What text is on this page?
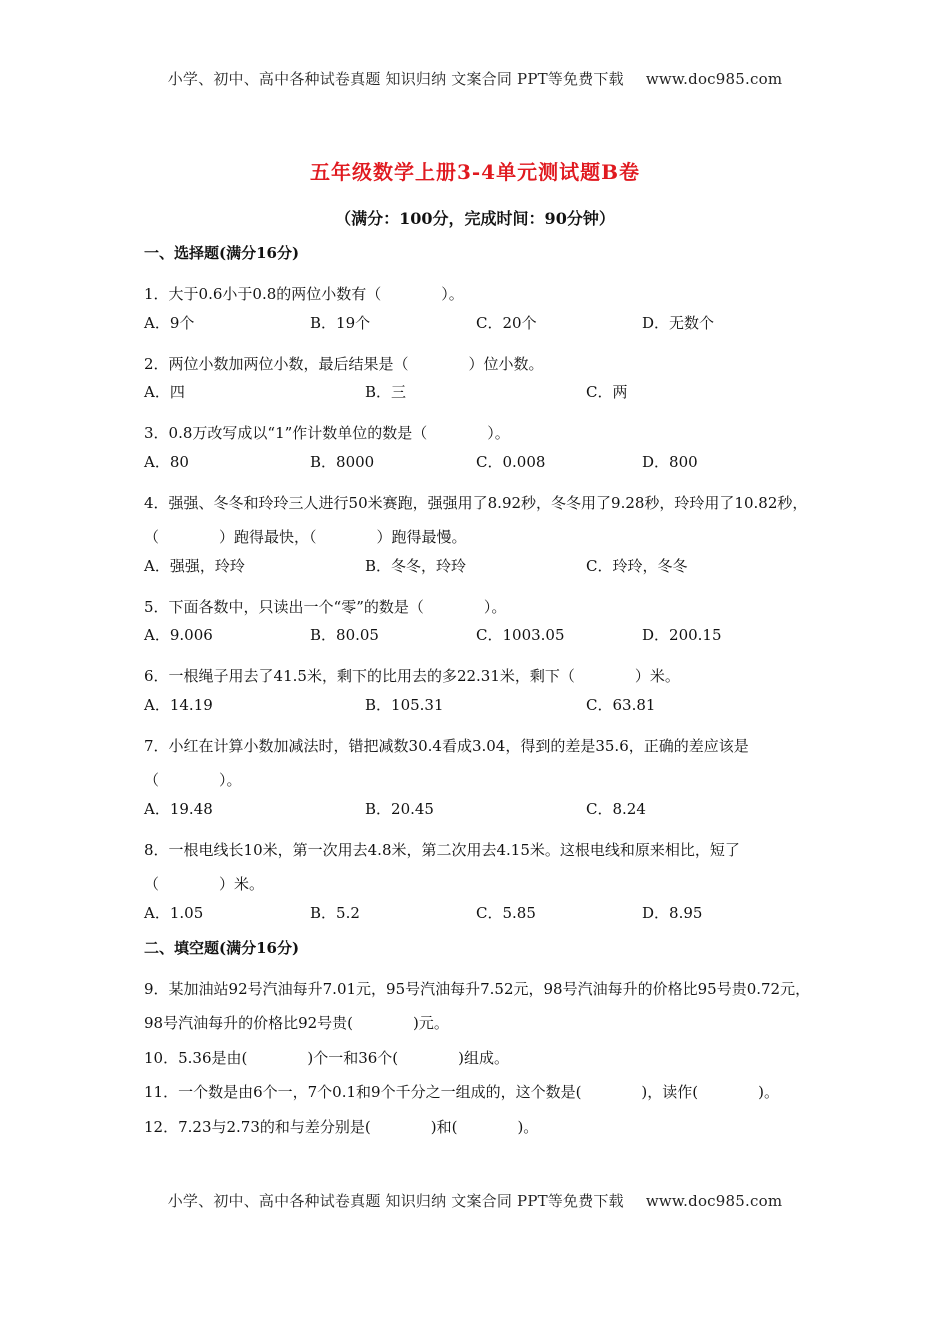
小学、初中、高中各种试卷真题 知识归纳 文案合同 PPT等免费下载 www.doc985.com
五年级数学上册3-4单元测试题B卷
（满分：100分，完成时间：90分钟）
一、选择题(满分16分)
1．大于0.6小于0.8的两位小数有（　　　　）。
A．9个	B．19个	C．20个	D．无数个
2．两位小数加两位小数，最后结果是（　　　　）位小数。
A．四	B．三	C．两
3．0.8万改写成以“1”作计数单位的数是（　　　　）。
A．80	B．8000	C．0.008	D．800
4．强强、冬冬和玲玲三人进行50米赛跑，强强用了8.92秒，冬冬用了9.28秒，玲玲用了10.82秒，（　　　　）跑得最快，（　　　　）跑得最慢。
A．强强，玲玲	B．冬冬，玲玲	C．玲玲，冬冬
5．下面各数中，只读出一个“零”的数是（　　　　）。
A．9.006	B．80.05	C．1003.05	D．200.15
6．一根绳子用去了41.5米，剩下的比用去的多22.31米，剩下（　　　　）米。
A．14.19	B．105.31	C．63.81
7．小红在计算小数加减法时，错把减数30.4看成3.04，得到的差是35.6，正确的差应该是（　　　　）。
A．19.48	B．20.45	C．8.24
8．一根电线长10米，第一次用去4.8米，第二次用去4.15米。这根电线和原来相比，短了（　　　　）米。
A．1.05	B．5.2	C．5.85	D．8.95
二、填空题(满分16分)
9．某加油站92号汽油每升7.01元，95号汽油每升7.52元，98号汽油每升的价格比95号贵0.72元，98号汽油每升的价格比92号贵(　　　　)元。
10．5.36是由(　　　　)个一和36个(　　　　)组成。
11．一个数是由6个一，7个0.1和9个千分之一组成的，这个数是(　　　　)，读作(　　　　)。
12．7.23与2.73的和与差分别是(　　　　)和(　　　　)。
小学、初中、高中各种试卷真题 知识归纳 文案合同 PPT等免费下载 www.doc985.com
